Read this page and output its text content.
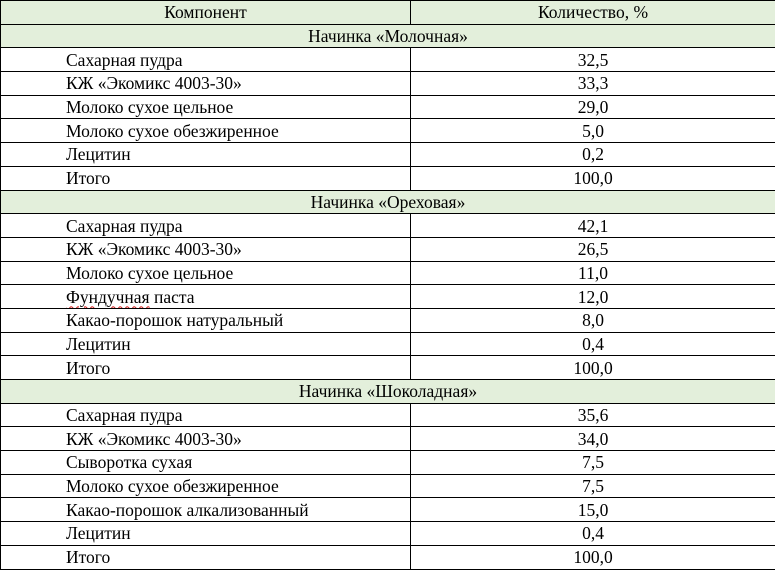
Компонент	Количество, %
Начинка «Молочная»	
Сахарная пудра	32,5
КЖ «Экомикс 4003-30»	33,3
Молоко сухое цельное	29,0
Молоко сухое обезжиренное	5,0
Лецитин	0,2
Итого	100,0
Начинка «Ореховая»	
Сахарная пудра	42,1
КЖ «Экомикс 4003-30»	26,5
Молоко сухое цельное	11,0
Фундучная паста	12,0
Какао-порошок натуральный	8,0
Лецитин	0,4
Итого	100,0
Начинка «Шоколадная»	
Сахарная пудра	35,6
КЖ «Экомикс 4003-30»	34,0
Сыворотка сухая	7,5
Молоко сухое обезжиренное	7,5
Какао-порошок алкализованный	15,0
Лецитин	0,4
Итого	100,0
